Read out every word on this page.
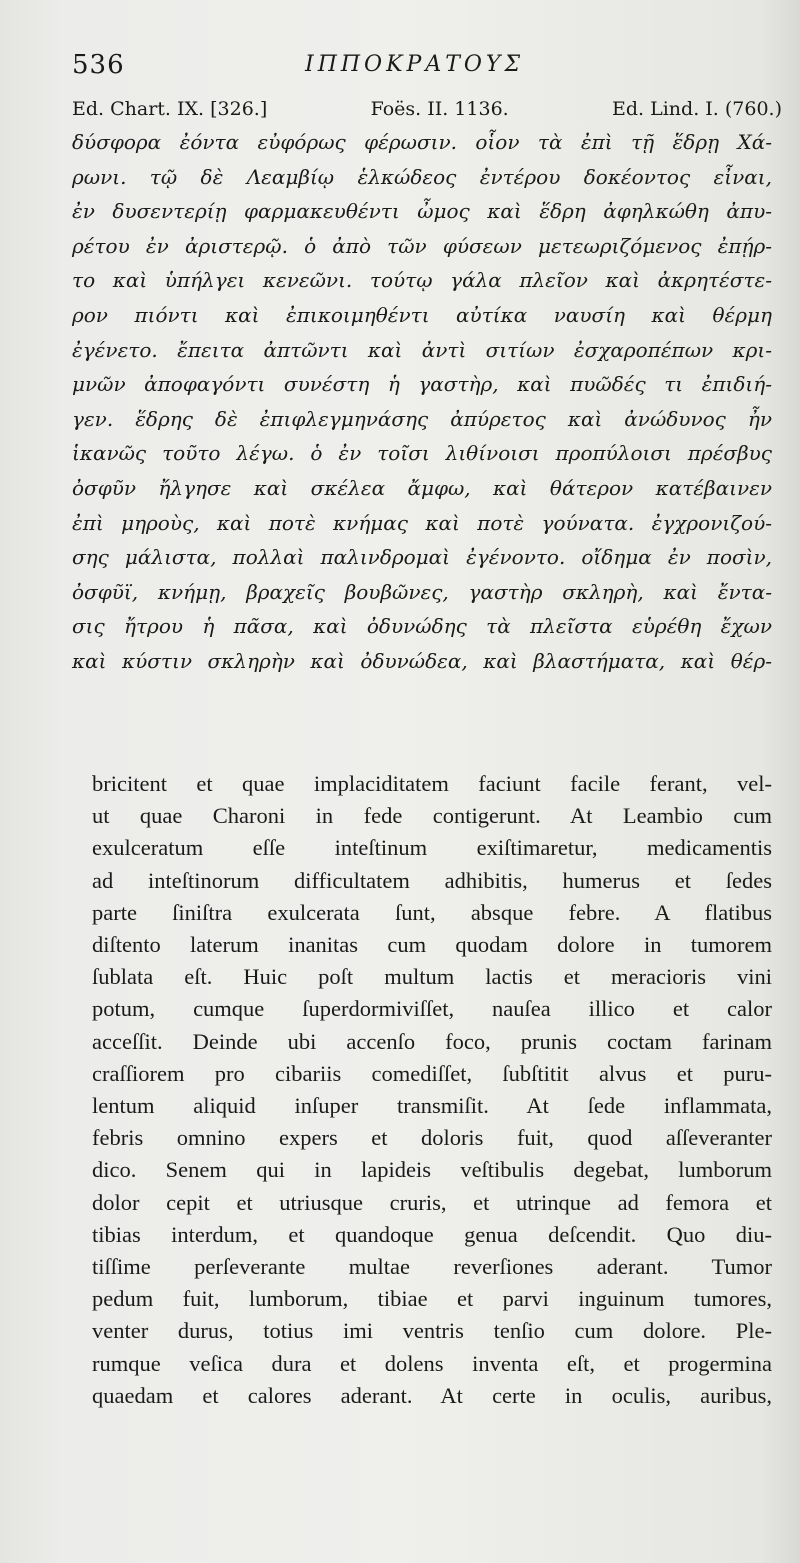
536	ΙΠΠΟΚΡΑΤΟΥΣ
Ed. Chart. IX. [326.]	Foës. II. 1136.	Ed. Lind. I. (760.)
δύσφορα ἐόντα εὐφόρως φέρωσιν. οἷον τὰ ἐπὶ τῇ ἕδρῃ Χά-
ρωνι. τῷ δὲ Λεαμβίῳ ἑλκώδεος ἐντέρου δοκέοντος εἶναι,
ἐν δυσεντερίῃ φαρμακευθέντι ὦμος καὶ ἕδρη ἀφηλκώθη ἀπυ-
ρέτου ἐν ἀριστερῷ. ὁ ἀπὸ τῶν φύσεων μετεωριζόμενος ἐπῄρ-
το καὶ ὑπήλγει κενεῶνι. τούτῳ γάλα πλεῖον καὶ ἀκρητέστε-
ρον πιόντι καὶ ἐπικοιμηθέντι αὐτίκα ναυσίη καὶ θέρμη
ἐγένετο. ἔπειτα ἀπτῶντι καὶ ἀντὶ σιτίων ἐσχαροπέπων κρι-
μνῶν ἀποφαγόντι συνέστη ἡ γαστὴρ, καὶ πυῶδές τι ἐπιδιή-
γεν. ἕδρης δὲ ἐπιφλεγμηνάσης ἀπύρετος καὶ ἀνώδυνος ἦν
ἱκανῶς τοῦτο λέγω. ὁ ἐν τοῖσι λιθίνοισι προπύλοισι πρέσβυς
ὀσφῦν ἤλγησε καὶ σκέλεα ἄμφω, καὶ θάτερον κατέβαινεν
ἐπὶ μηροὺς, καὶ ποτὲ κνήμας καὶ ποτὲ γούνατα. ἐγχρονιζού-
σης μάλιστα, πολλαὶ παλινδρομαὶ ἐγένοντο. οἴδημα ἐν ποσὶν,
ὀσφῦϊ, κνήμῃ, βραχεῖς βουβῶνες, γαστὴρ σκληρὴ, καὶ ἔντα-
σις ἤτρου ἡ πᾶσα, καὶ ὀδυνώδης τὰ πλεῖστα εὑρέθη ἔχων
καὶ κύστιν σκληρὴν καὶ ὀδυνώδεα, καὶ βλαστήματα, καὶ θέρ-
bricitent et quae implaciditatem faciunt facile ferant, vel-
ut quae Charoni in fede contigerunt. At Leambio cum
exulceratum eſſe inteſtinum exiſtimaretur, medicamentis
ad inteſtinorum difficultatem adhibitis, humerus et ſedes
parte ſiniſtra exulcerata ſunt, absque febre. A flatibus
diſtento laterum inanitas cum quodam dolore in tumorem
ſublata eſt. Huic poſt multum lactis et meracioris vini
potum, cumque ſuperdormiviſſet, nauſea illico et calor
acceſſit. Deinde ubi accenſo foco, prunis coctam farinam
craſſiorem pro cibariis comediſſet, ſubſtitit alvus et puru-
lentum aliquid inſuper transmiſit. At ſede inflammata,
febris omnino expers et doloris fuit, quod aſſeveranter
dico. Senem qui in lapideis veſtibulis degebat, lumborum
dolor cepit et utriusque cruris, et utrinque ad femora et
tibias interdum, et quandoque genua deſcendit. Quo diu-
tiſſime perſeverante multae reverſiones aderant. Tumor
pedum fuit, lumborum, tibiae et parvi inguinum tumores,
venter durus, totius imi ventris tenſio cum dolore. Ple-
rumque veſica dura et dolens inventa eſt, et progermina
quaedam et calores aderant. At certe in oculis, auribus,
